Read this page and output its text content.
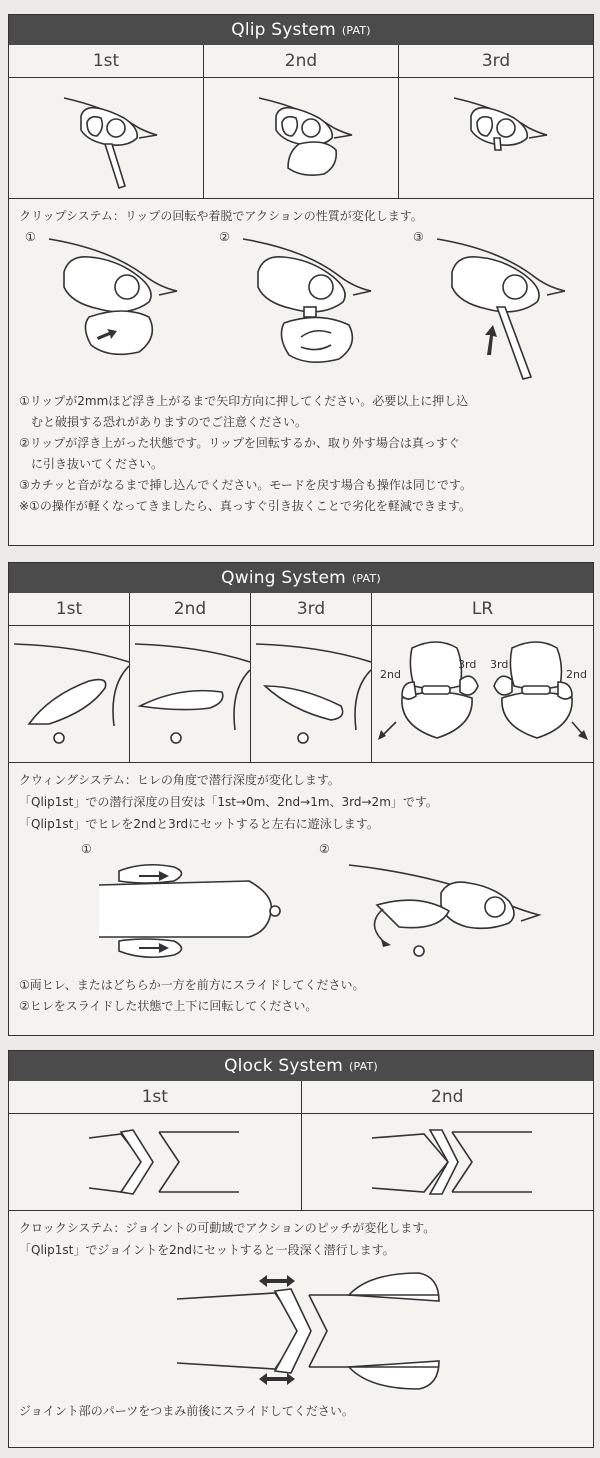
Qlip System (PAT)
1st	2nd	3rd
クリップシステム：リップの回転や着脱でアクションの性質が変化します。
①	②	③
①リップが2mmほど浮き上がるまで矢印方向に押してください。必要以上に押し込
　むと破損する恐れがありますのでご注意ください。
②リップが浮き上がった状態です。リップを回転するか、取り外す場合は真っすぐ
　に引き抜いてください。
③カチッと音がなるまで挿し込んでください。モードを戻す場合も操作は同じです。
※①の操作が軽くなってきましたら、真っすぐ引き抜くことで劣化を軽減できます。
Qwing System (PAT)
1st	2nd	3rd	LR
2nd
3rd 3rd
2nd
クウィングシステム：ヒレの角度で潜行深度が変化します。
「Qlip1st」での潜行深度の目安は「1st→0m、2nd→1m、3rd→2m」です。
「Qlip1st」でヒレを2ndと3rdにセットすると左右に遊泳します。
①	②
①両ヒレ、またはどちらか一方を前方にスライドしてください。
②ヒレをスライドした状態で上下に回転してください。
Qlock System (PAT)
1st	2nd
クロックシステム：ジョイントの可動域でアクションのピッチが変化します。
「Qlip1st」でジョイントを2ndにセットすると一段深く潜行します。
ジョイント部のパーツをつまみ前後にスライドしてください。
